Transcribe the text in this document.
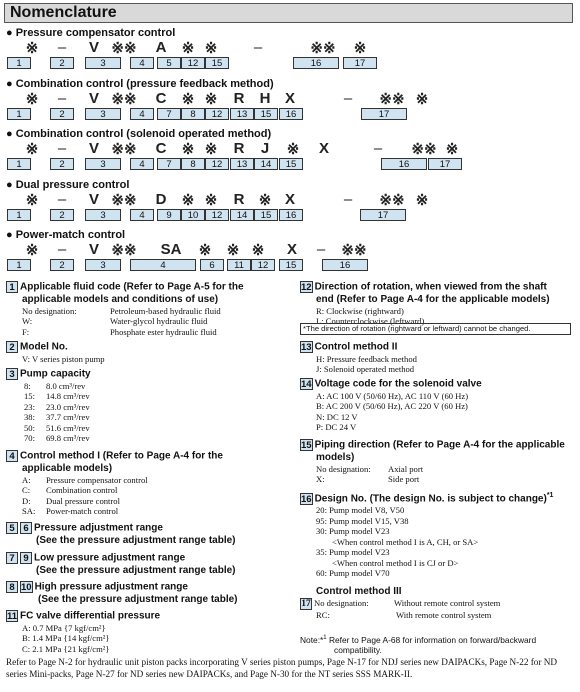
Nomenclature
● Pressure compensator control
※ – V ※※ A ※ ※ –	※※ ※
1	2	3	4	5	12	15	16	17
● Combination control (pressure feedback method)
※ – V ※※ C ※ ※ R H X	– ※※ ※
1	2	3	4	7	8	12	13	15	16	17
● Combination control (solenoid operated method)
※ – V ※※ C ※ ※ R J ※ X	– ※※ ※
1	2	3	4	7	8	12	13	14	15	16	17
● Dual pressure control
※ – V ※※ D ※ ※ R ※ X	– ※※ ※
1	2	3	4	9	10	12	14	15	16	17
● Power-match control
※ – V ※※ SA ※ ※ ※ X – ※※
1	2	3	4	6	11	12	15	16
1 Applicable fluid code (Refer to Page A-5 for the
applicable models and conditions of use)
No designation:	Petroleum-based hydraulic fluid
W:	Water-glycol hydraulic fluid
F:	Phosphate ester hydraulic fluid
2 Model No.
V: V series piston pump
3 Pump capacity
8: 8.0 cm³/rev
15: 14.8 cm³/rev
23: 23.0 cm³/rev
38: 37.7 cm³/rev
50: 51.6 cm³/rev
70: 69.8 cm³/rev
4 Control method I (Refer to Page A-4 for the
applicable models)
A: Pressure compensator control
C: Combination control
D: Dual pressure control
SA: Power-match control
5 6 Pressure adjustment range
(See the pressure adjustment range table)
7 9 Low pressure adjustment range
(See the pressure adjustment range table)
8 10 High pressure adjustment range
(See the pressure adjustment range table)
11 FC valve differential pressure
A: 0.7 MPa {7 kgf/cm²}
B: 1.4 MPa {14 kgf/cm²}
C: 2.1 MPa {21 kgf/cm²}
12 Direction of rotation, when viewed from the shaft
end (Refer to Page A-4 for the applicable models)
R: Clockwise (rightward)
L: Counterclockwise (leftward)
*The direction of rotation (rightward or leftward) cannot be changed.
13 Control method II
H: Pressure feedback method
J: Solenoid operated method
14 Voltage code for the solenoid valve
A: AC 100 V (50/60 Hz), AC 110 V (60 Hz)
B: AC 200 V (50/60 Hz), AC 220 V (60 Hz)
N: DC 12 V
P: DC 24 V
15 Piping direction (Refer to Page A-4 for the applicable
models)
No designation: Axial port
X:	Side port
16 Design No. (The design No. is subject to change)$^{*1}$
20: Pump model V8, V50
95: Pump model V15, V38
30: Pump model V23
<When control method I is A, CH, or SA>
35: Pump model V23
<When control method I is CJ or D>
60: Pump model V70
Control method III
17 No designation:	Without remote control system
RC:	With remote control system
Note:*$^1$ Refer to Page A-68 for information on forward/backward
compatibility.
Refer to Page N-2 for hydraulic unit piston packs incorporating V series piston pumps, Page N-17 for NDJ series new DAIPACKs, Page N-22 for ND series Mini-packs, Page N-27 for ND series new DAIPACKs, and Page N-30 for the NT series SSS MARK-II.
